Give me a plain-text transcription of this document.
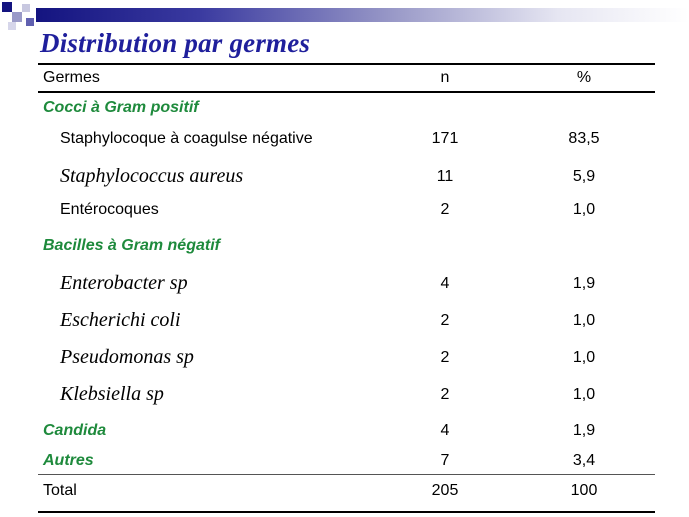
Distribution par germes
Germes	n	%
Cocci à Gram positif
Staphylocoque à coagulse négative	171	83,5
Staphylococcus aureus	11	5,9
Entérocoques	2	1,0
Bacilles à Gram négatif
Enterobacter sp	4	1,9
Escherichi coli	2	1,0
Pseudomonas sp	2	1,0
Klebsiella sp	2	1,0
Candida	4	1,9
Autres	7	3,4
Total	205	100
